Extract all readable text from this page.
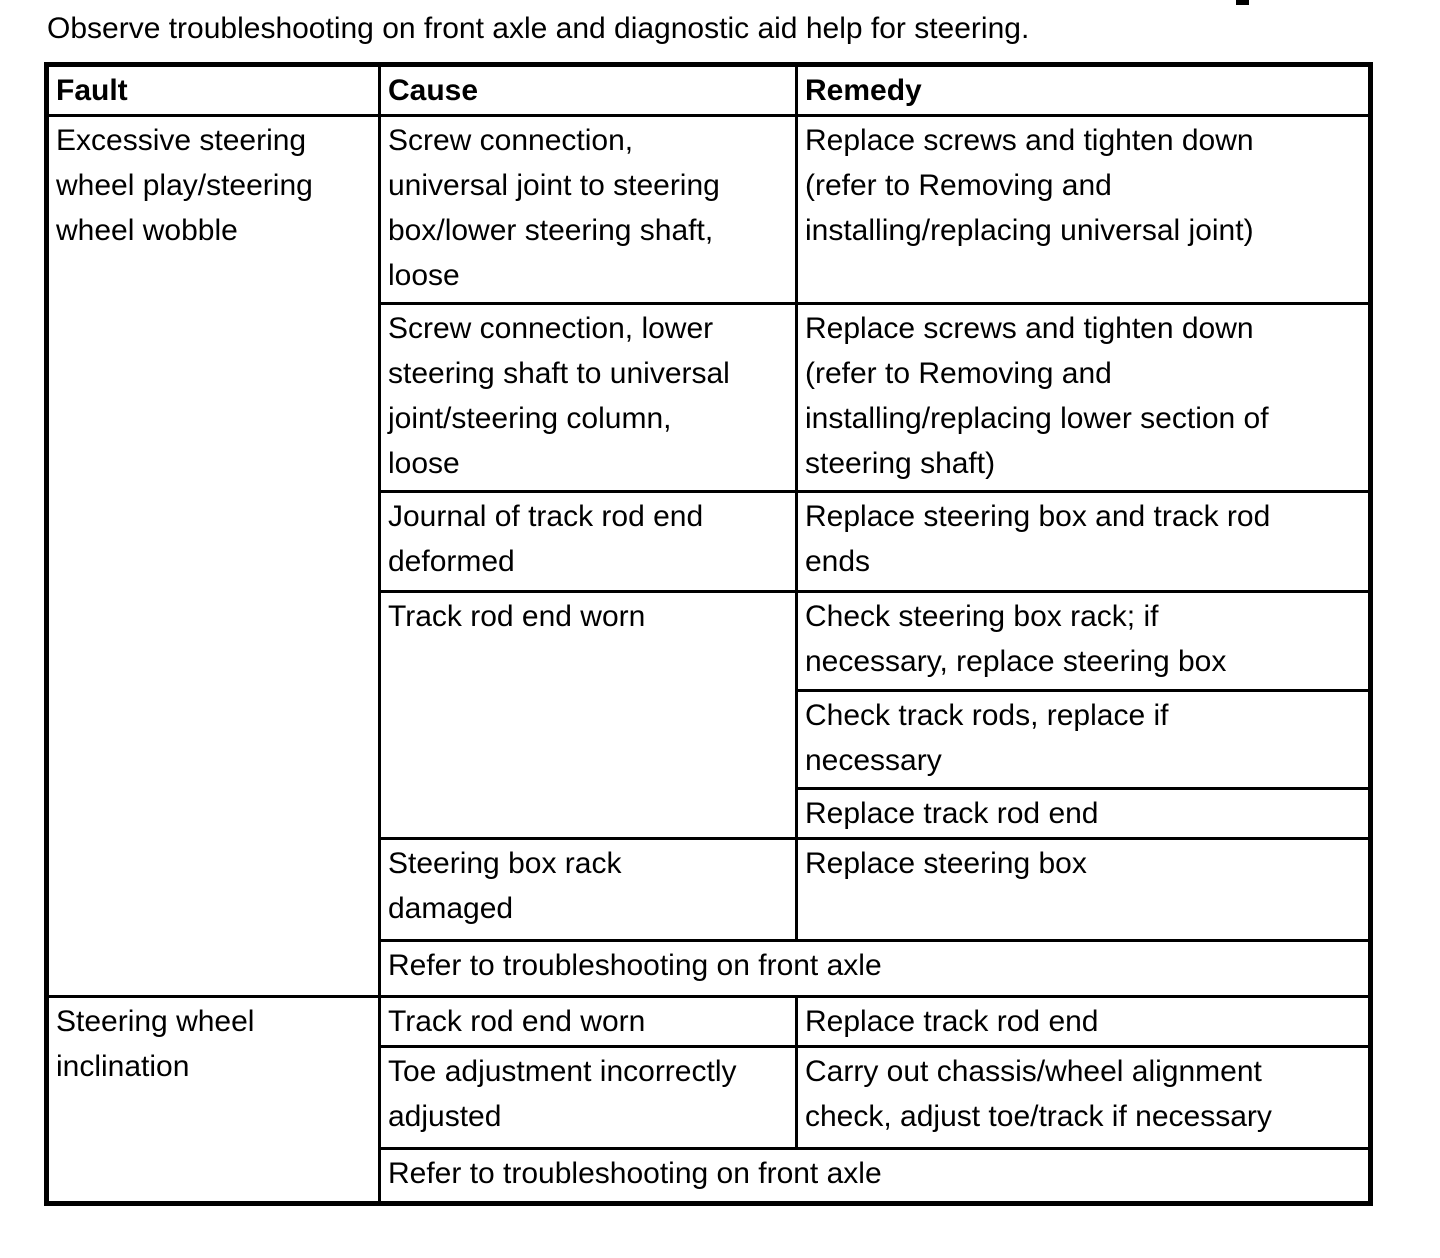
Observe troubleshooting on front axle and diagnostic aid help for steering.
Fault	Cause	Remedy
Excessive steering
wheel play/steering
wheel wobble	Screw connection,
universal joint to steering
box/lower steering shaft,
loose	Replace screws and tighten down
(refer to Removing and
installing/replacing universal joint)
	Screw connection, lower
steering shaft to universal
joint/steering column,
loose	Replace screws and tighten down
(refer to Removing and
installing/replacing lower section of
steering shaft)
	Journal of track rod end
deformed	Replace steering box and track rod
ends
	Track rod end worn	Check steering box rack; if
necessary, replace steering box
		Check track rods, replace if
necessary
		Replace track rod end
	Steering box rack
damaged	Replace steering box
	Refer to troubleshooting on front axle	
Steering wheel
inclination	Track rod end worn	Replace track rod end
	Toe adjustment incorrectly
adjusted	Carry out chassis/wheel alignment
check, adjust toe/track if necessary
	Refer to troubleshooting on front axle	
